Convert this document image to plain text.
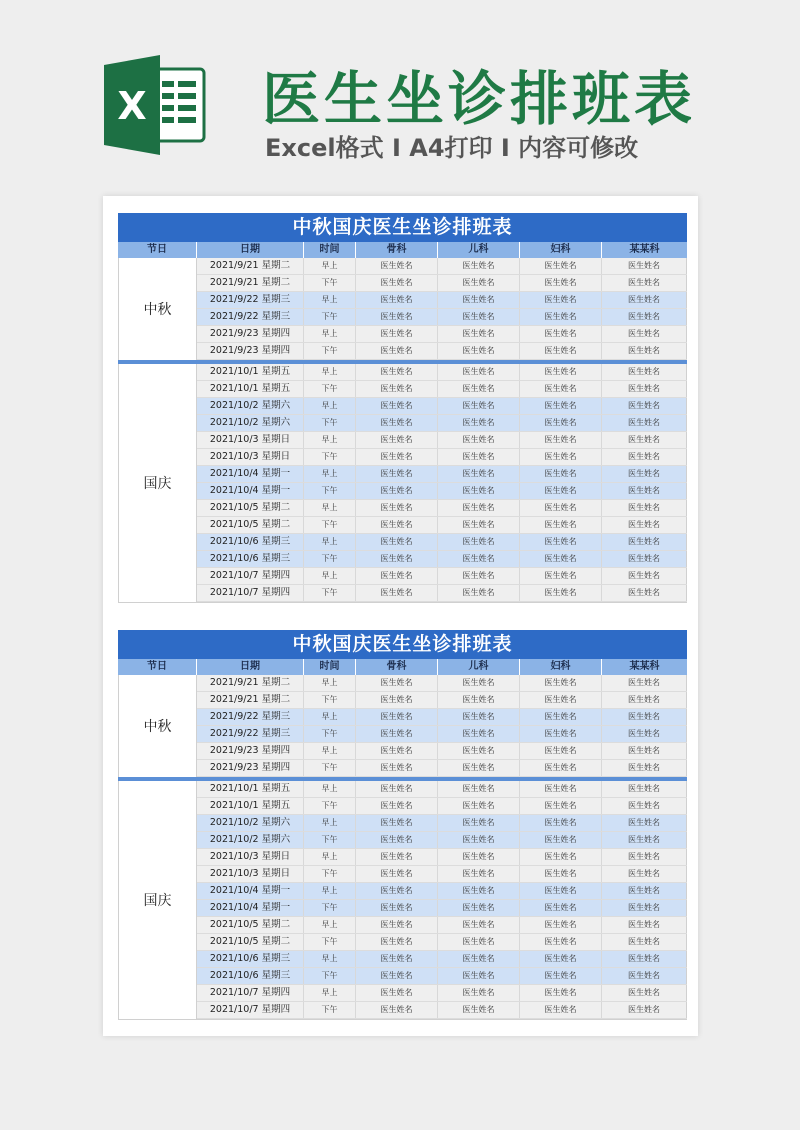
X 医生坐诊排班表
Excel格式 I A4打印 I 内容可修改
中秋国庆医生坐诊排班表
节日	日期	时间	骨科	儿科	妇科	某某科
中秋
2021/9/21 星期二	早上	医生姓名	医生姓名	医生姓名	医生姓名
2021/9/21 星期二	下午	医生姓名	医生姓名	医生姓名	医生姓名
2021/9/22 星期三	早上	医生姓名	医生姓名	医生姓名	医生姓名
2021/9/22 星期三	下午	医生姓名	医生姓名	医生姓名	医生姓名
2021/9/23 星期四	早上	医生姓名	医生姓名	医生姓名	医生姓名
2021/9/23 星期四	下午	医生姓名	医生姓名	医生姓名	医生姓名
国庆
2021/10/1 星期五	早上	医生姓名	医生姓名	医生姓名	医生姓名
2021/10/1 星期五	下午	医生姓名	医生姓名	医生姓名	医生姓名
2021/10/2 星期六	早上	医生姓名	医生姓名	医生姓名	医生姓名
2021/10/2 星期六	下午	医生姓名	医生姓名	医生姓名	医生姓名
2021/10/3 星期日	早上	医生姓名	医生姓名	医生姓名	医生姓名
2021/10/3 星期日	下午	医生姓名	医生姓名	医生姓名	医生姓名
2021/10/4 星期一	早上	医生姓名	医生姓名	医生姓名	医生姓名
2021/10/4 星期一	下午	医生姓名	医生姓名	医生姓名	医生姓名
2021/10/5 星期二	早上	医生姓名	医生姓名	医生姓名	医生姓名
2021/10/5 星期二	下午	医生姓名	医生姓名	医生姓名	医生姓名
2021/10/6 星期三	早上	医生姓名	医生姓名	医生姓名	医生姓名
2021/10/6 星期三	下午	医生姓名	医生姓名	医生姓名	医生姓名
2021/10/7 星期四	早上	医生姓名	医生姓名	医生姓名	医生姓名
2021/10/7 星期四	下午	医生姓名	医生姓名	医生姓名	医生姓名
中秋国庆医生坐诊排班表
节日	日期	时间	骨科	儿科	妇科	某某科
中秋
2021/9/21 星期二	早上	医生姓名	医生姓名	医生姓名	医生姓名
2021/9/21 星期二	下午	医生姓名	医生姓名	医生姓名	医生姓名
2021/9/22 星期三	早上	医生姓名	医生姓名	医生姓名	医生姓名
2021/9/22 星期三	下午	医生姓名	医生姓名	医生姓名	医生姓名
2021/9/23 星期四	早上	医生姓名	医生姓名	医生姓名	医生姓名
2021/9/23 星期四	下午	医生姓名	医生姓名	医生姓名	医生姓名
国庆
2021/10/1 星期五	早上	医生姓名	医生姓名	医生姓名	医生姓名
2021/10/1 星期五	下午	医生姓名	医生姓名	医生姓名	医生姓名
2021/10/2 星期六	早上	医生姓名	医生姓名	医生姓名	医生姓名
2021/10/2 星期六	下午	医生姓名	医生姓名	医生姓名	医生姓名
2021/10/3 星期日	早上	医生姓名	医生姓名	医生姓名	医生姓名
2021/10/3 星期日	下午	医生姓名	医生姓名	医生姓名	医生姓名
2021/10/4 星期一	早上	医生姓名	医生姓名	医生姓名	医生姓名
2021/10/4 星期一	下午	医生姓名	医生姓名	医生姓名	医生姓名
2021/10/5 星期二	早上	医生姓名	医生姓名	医生姓名	医生姓名
2021/10/5 星期二	下午	医生姓名	医生姓名	医生姓名	医生姓名
2021/10/6 星期三	早上	医生姓名	医生姓名	医生姓名	医生姓名
2021/10/6 星期三	下午	医生姓名	医生姓名	医生姓名	医生姓名
2021/10/7 星期四	早上	医生姓名	医生姓名	医生姓名	医生姓名
2021/10/7 星期四	下午	医生姓名	医生姓名	医生姓名	医生姓名
